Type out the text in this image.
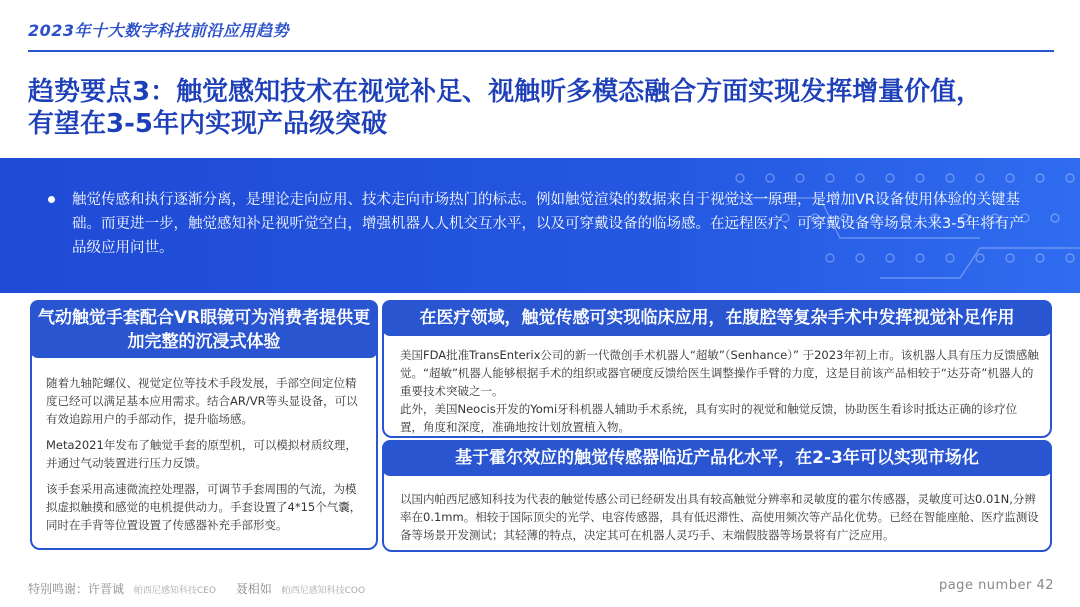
2023年十大数字科技前沿应用趋势
趋势要点3：触觉感知技术在视觉补足、视触听多模态融合方面实现发挥增量价值，
有望在3-5年内实现产品级突破
触觉传感和执行逐渐分离，是理论走向应用、技术走向市场热门的标志。例如触觉渲染的数据来自于视觉这一原理，是增加VR设备使用体验的关键基础。而更进一步，触觉感知补足视听觉空白，增强机器人人机交互水平，以及可穿戴设备的临场感。在远程医疗、可穿戴设备等场景未来3-5年将有产品级应用问世。
气动触觉手套配合VR眼镜可为消费者提供更加完整的沉浸式体验

随着九轴陀螺仪、视觉定位等技术手段发展，手部空间定位精度已经可以满足基本应用需求。结合AR/VR等头显设备，可以有效追踪用户的手部动作，提升临场感。

Meta2021年发布了触觉手套的原型机，可以模拟材质纹理，并通过气动装置进行压力反馈。

该手套采用高速微流控处理器，可调节手套周围的气流，为模拟虚拟触摸和感觉的电机提供动力。手套设置了4*15个气囊，同时在手背等位置设置了传感器补充手部形变。

在医疗领域，触觉传感可实现临床应用，在腹腔等复杂手术中发挥视觉补足作用

美国FDA批准TransEnterix公司的新一代微创手术机器人“超敏”（Senhance）” 于2023年初上市。该机器人具有压力反馈感触觉。“超敏”机器人能够根据手术的组织或器官硬度反馈给医生调整操作手臂的力度，这是目前该产品相较于“达芬奇”机器人的重要技术突破之一。

此外，美国Neocis开发的Yomi牙科机器人辅助手术系统，具有实时的视觉和触觉反馈，协助医生看诊时抵达正确的诊疗位置，角度和深度，准确地按计划放置植入物。

基于霍尔效应的触觉传感器临近产品化水平，在2-3年可以实现市场化

以国内帕西尼感知科技为代表的触觉传感公司已经研发出具有较高触觉分辨率和灵敏度的霍尔传感器，灵敏度可达0.01N,分辨率在0.1mm。相较于国际顶尖的光学、电容传感器，具有低迟滞性、高使用频次等产品化优势。已经在智能座舱、医疗监测设备等场景开发测试；其轻薄的特点，决定其可在机器人灵巧手、末端假肢器等场景将有广泛应用。

特别鸣谢：许晋诚 帕西尼感知科技CEO 聂相如 帕西尼感知科技COO	page number 42
